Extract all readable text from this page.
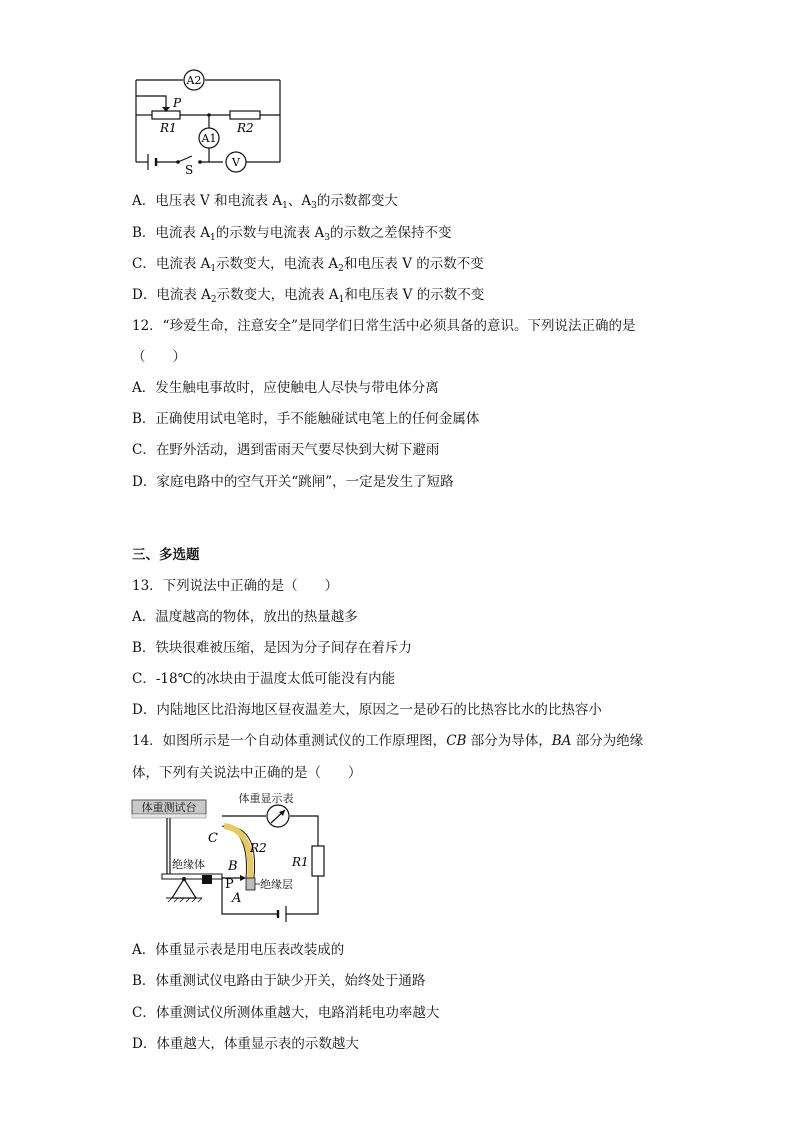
A2
A1
V
P
R1	R2
S
A．电压表 V 和电流表 $A_1$、$A_3$的示数都变大
B．电流表 $A_1$的示数与电流表 $A_3$的示数之差保持不变
C．电流表 $A_1$示数变大，电流表 $A_2$和电压表 V 的示数不变
D．电流表 $A_2$示数变大，电流表 $A_1$和电压表 V 的示数不变
12．“珍爱生命，注意安全”是同学们日常生活中必须具备的意识。下列说法正确的是
（　　）
A．发生触电事故时，应使触电人尽快与带电体分离
B．正确使用试电笔时，手不能触碰试电笔上的任何金属体
C．在野外活动，遇到雷雨天气要尽快到大树下避雨
D．家庭电路中的空气开关“跳闸”，一定是发生了短路
三、多选题
13．下列说法中正确的是（　　）
A．温度越高的物体，放出的热量越多
B．铁块很难被压缩，是因为分子间存在着斥力
C．-18℃的冰块由于温度太低可能没有内能
D．内陆地区比沿海地区昼夜温差大，原因之一是砂石的比热容比水的比热容小
14．如图所示是一个自动体重测试仪的工作原理图，CB 部分为导体，BA 部分为绝缘
体，下列有关说法中正确的是（　　）
体重测试台
绝缘体
体重显示表
C
B
P
A
R2
R1
绝缘层
A．体重显示表是用电压表改装成的
B．体重测试仪电路由于缺少开关，始终处于通路
C．体重测试仪所测体重越大，电路消耗电功率越大
D．体重越大，体重显示表的示数越大
